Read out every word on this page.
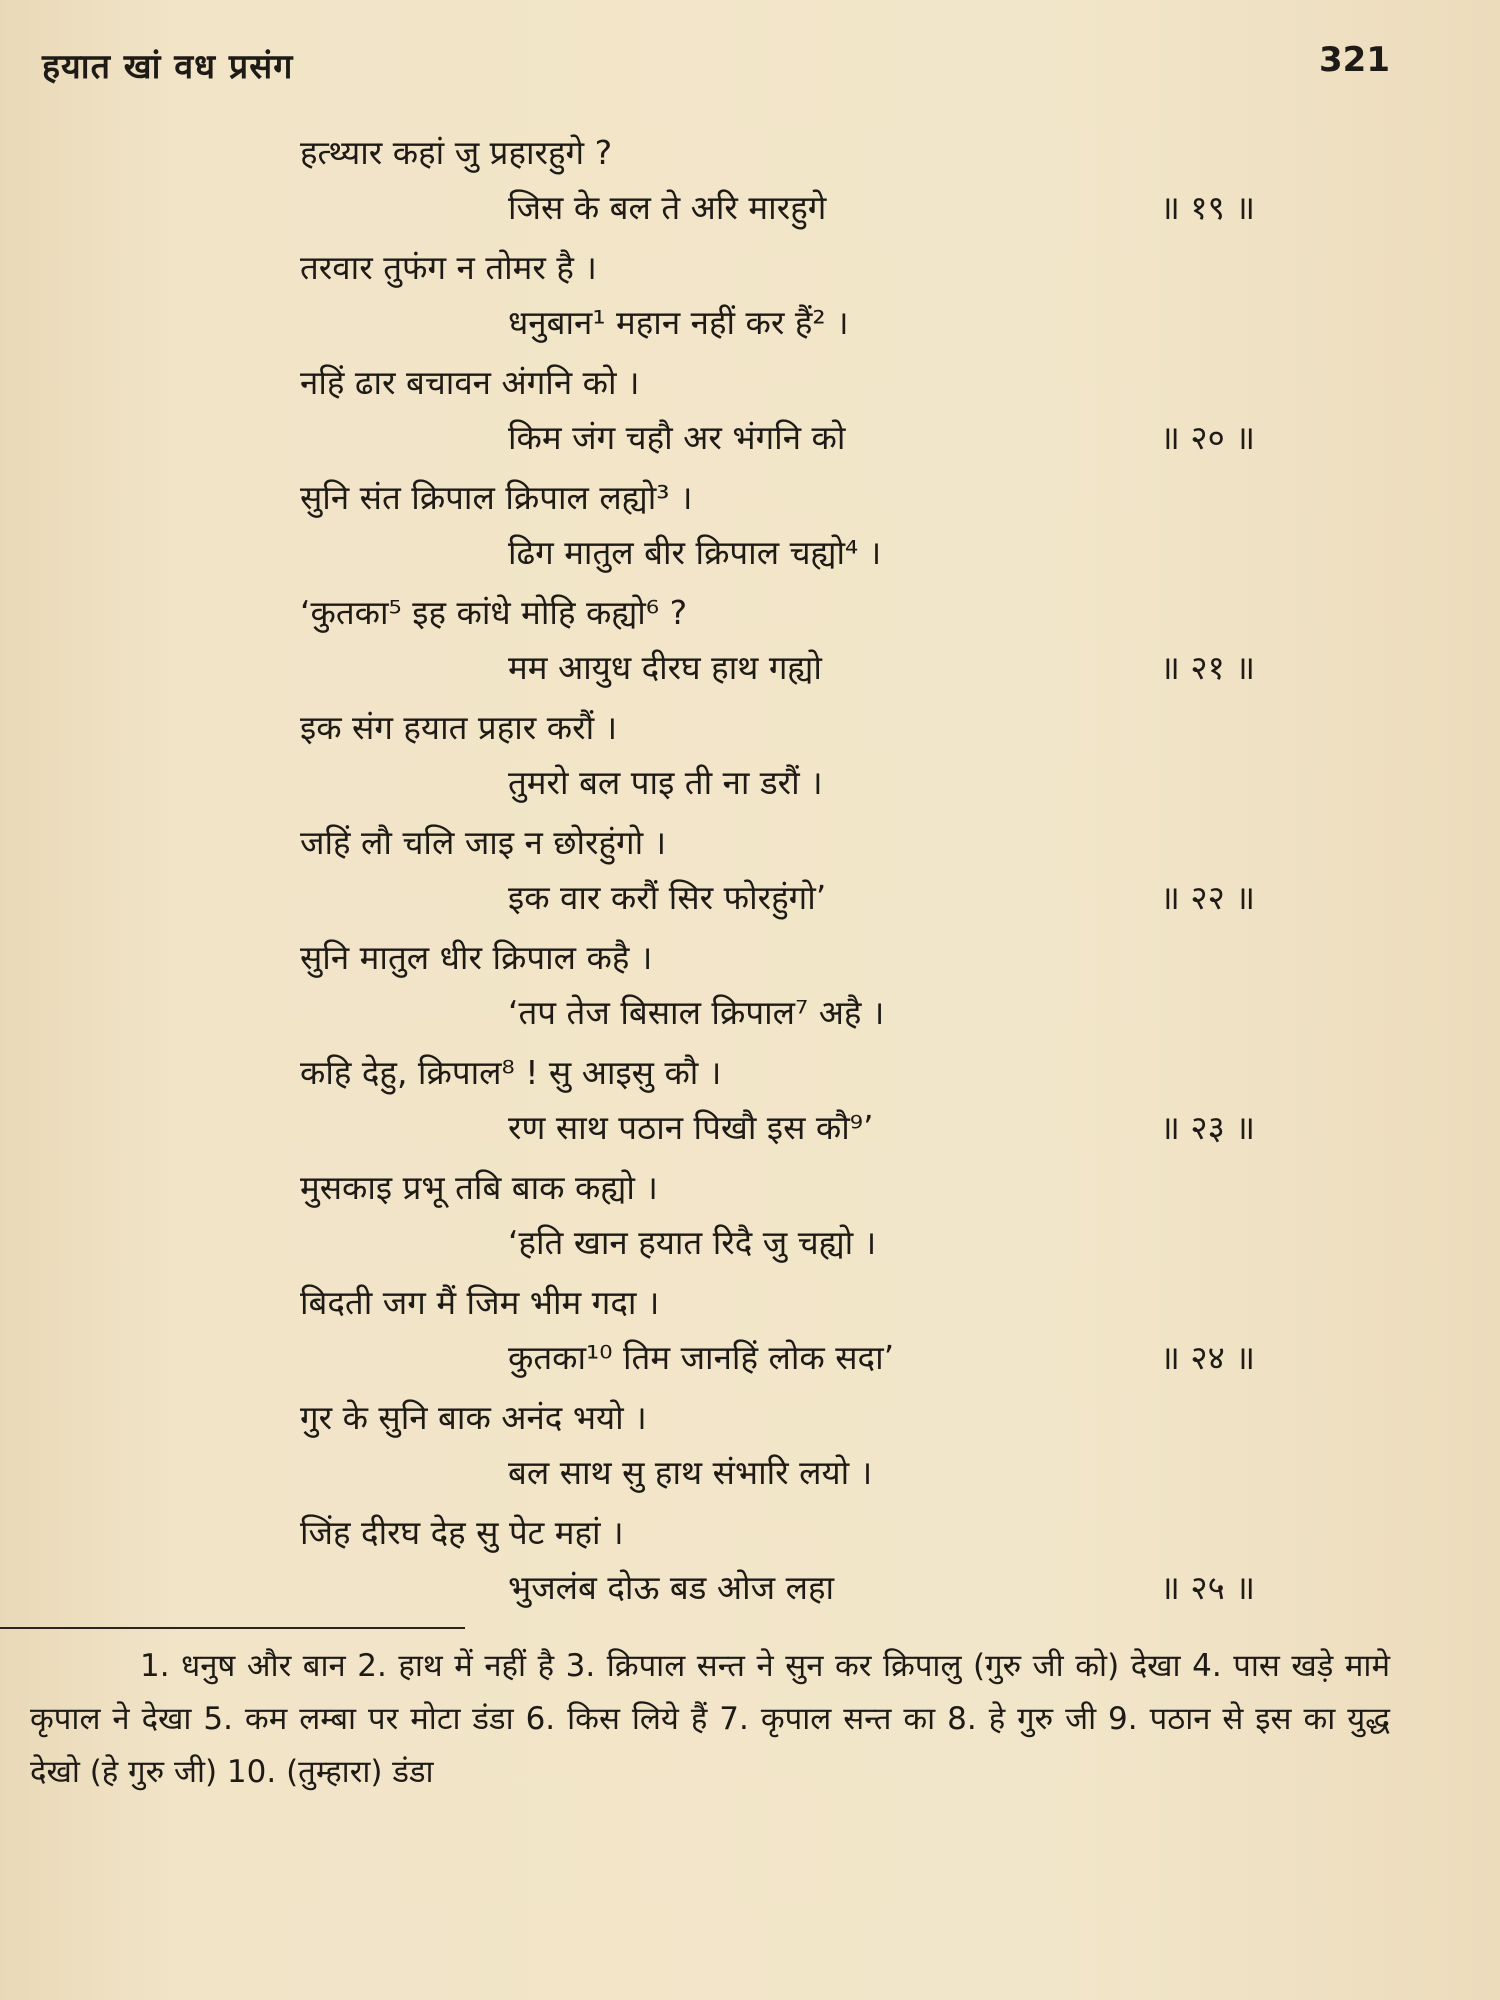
हयात खां वध प्रसंग	321
हत्थ्यार कहां जु प्रहारहुगे ?
जिस के बल ते अरि मारहुगे	॥ १९ ॥
तरवार तुफंग न तोमर है ।
धनुबान¹ महान नहीं कर हैं² ।
नहिं ढार बचावन अंगनि को ।
किम जंग चहौ अर भंगनि को	॥ २० ॥
सुनि संत क्रिपाल क्रिपाल लह्यो³ ।
ढिग मातुल बीर क्रिपाल चह्यो⁴ ।
‘कुतका⁵ इह कांधे मोहि कह्यो⁶ ?
मम आयुध दीरघ हाथ गह्यो	॥ २१ ॥
इक संग हयात प्रहार करौं ।
तुमरो बल पाइ ती ना डरौं ।
जहिं लौ चलि जाइ न छोरहुंगो ।
इक वार करौं सिर फोरहुंगो’	॥ २२ ॥
सुनि मातुल धीर क्रिपाल कहै ।
‘तप तेज बिसाल क्रिपाल⁷ अहै ।
कहि देहु, क्रिपाल⁸ ! सु आइसु कौ ।
रण साथ पठान पिखौ इस कौ⁹’	॥ २३ ॥
मुसकाइ प्रभू तबि बाक कह्यो ।
‘हति खान हयात रिदै जु चह्यो ।
बिदती जग मैं जिम भीम गदा ।
कुतका¹⁰ तिम जानहिं लोक सदा’	॥ २४ ॥
गुर के सुनि बाक अनंद भयो ।
बल साथ सु हाथ संभारि लयो ।
जिंह दीरघ देह सु पेट महां ।
भुजलंब दोऊ बड ओज लहा	॥ २५ ॥
1. धनुष और बान 2. हाथ में नहीं है 3. क्रिपाल सन्त ने सुन कर क्रिपालु (गुरु जी को) देखा 4. पास खड़े मामे कृपाल ने देखा 5. कम लम्बा पर मोटा डंडा 6. किस लिये हैं 7. कृपाल सन्त का 8. हे गुरु जी 9. पठान से इस का युद्ध देखो (हे गुरु जी) 10. (तुम्हारा) डंडा
